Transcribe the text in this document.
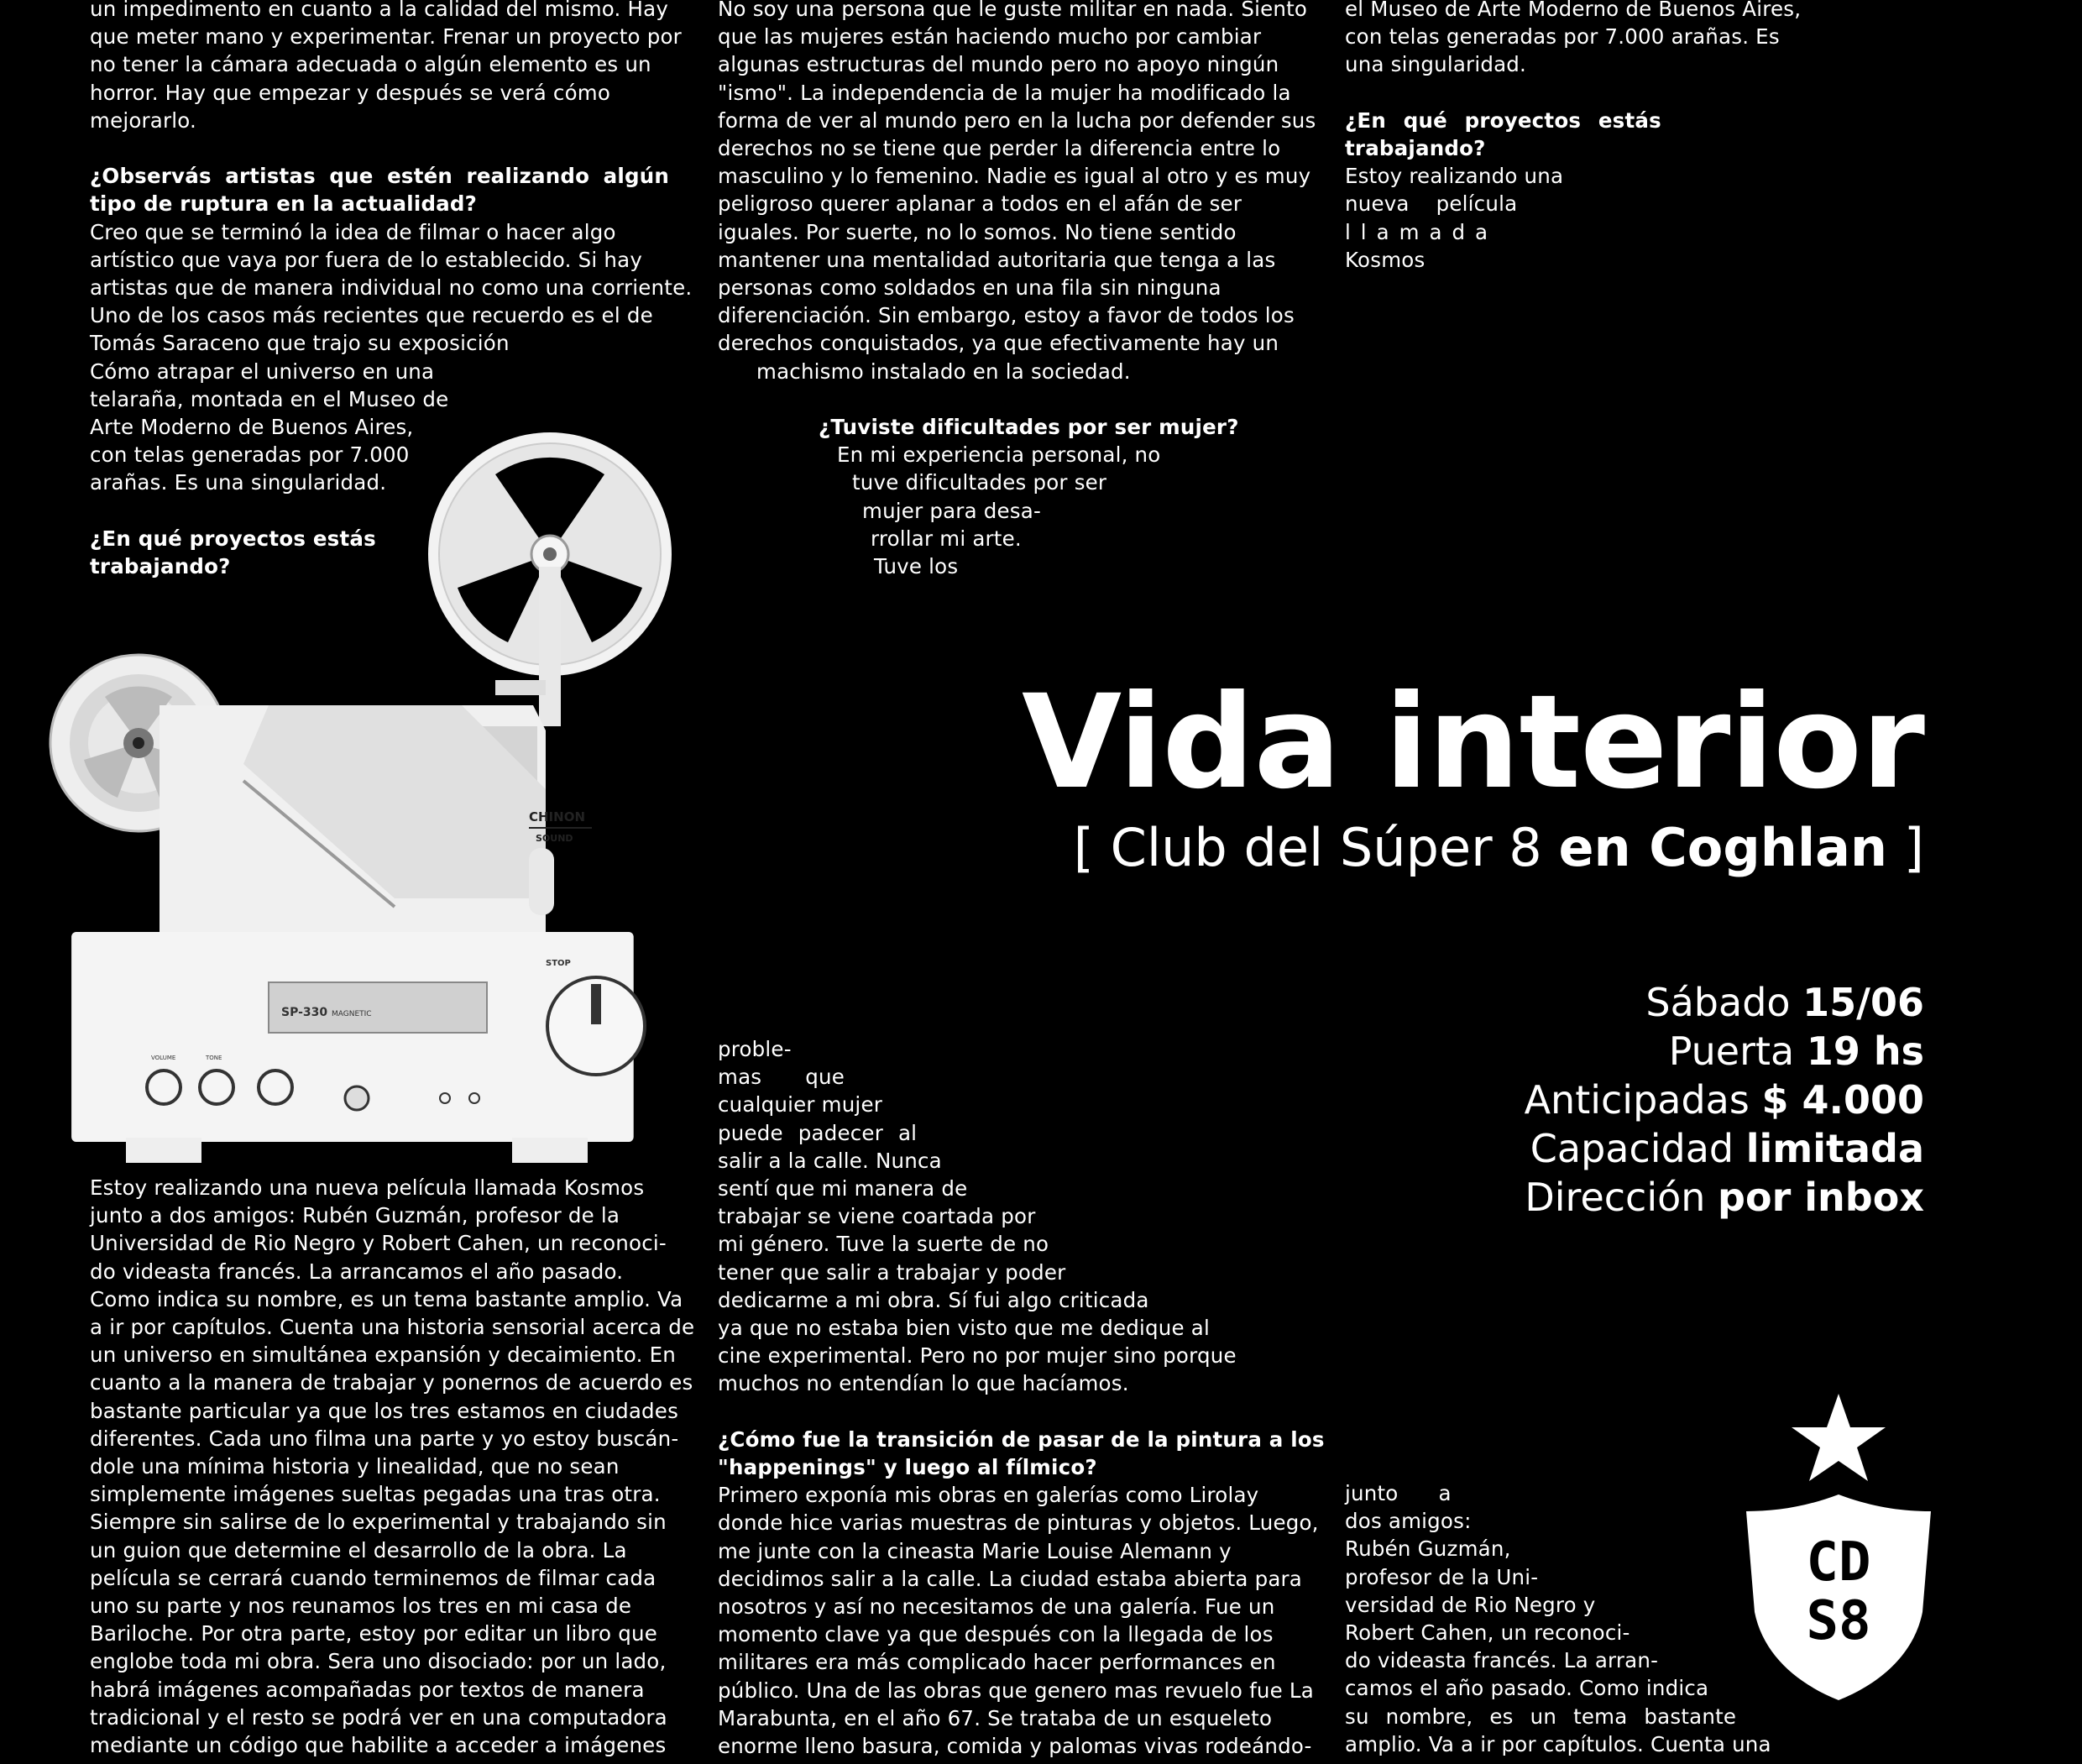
un impedimento en cuanto a la calidad del mismo. Hay
que meter mano y experimentar. Frenar un proyecto por
no tener la cámara adecuada o algún elemento es un
horror. Hay que empezar y después se verá cómo
mejorarlo.

¿Observás artistas que estén realizando algún tipo de ruptura en la actualidad?

Creo que se terminó la idea de filmar o hacer algo
artístico que vaya por fuera de lo establecido. Si hay
artistas que de manera individual no como una corriente.
Uno de los casos más recientes que recuerdo es el de
Tomás Saraceno que trajo su exposición
Cómo atrapar el universo en una
telaraña, montada en el Museo de
Arte Moderno de Buenos Aires,
con telas generadas por 7.000
arañas. Es una singularidad.
¿En qué proyectos estás
trabajando?
No soy una persona que le guste militar en nada. Siento
que las mujeres están haciendo mucho por cambiar
algunas estructuras del mundo pero no apoyo ningún
"ismo". La independencia de la mujer ha modificado la
forma de ver al mundo pero en la lucha por defender sus
derechos no se tiene que perder la diferencia entre lo
masculino y lo femenino. Nadie es igual al otro y es muy
peligroso querer aplanar a todos en el afán de ser
iguales. Por suerte, no lo somos. No tiene sentido
mantener una mentalidad autoritaria que tenga a las
personas como soldados en una fila sin ninguna
diferenciación. Sin embargo, estoy a favor de todos los
derechos conquistados, ya que efectivamente hay un
machismo instalado en la sociedad.
¿Tuviste dificultades por ser mujer?
En mi experiencia personal, no
tuve dificultades por ser
mujer para desa-
rrollar mi arte.
Tuve los
el Museo de Arte Moderno de Buenos Aires,
con telas generadas por 7.000 arañas. Es
una singularidad.
¿En qué proyectos estás
trabajando?
Estoy realizando una
nueva película
llamada
Kosmos
SP-330 MAGNETIC
STOP
VOLUME	TONE
CHINON
SOUND
Vida interior
[ Club del Súper 8 en Coghlan ]
Sábado 15/06
Puerta 19 hs
Anticipadas $ 4.000
Capacidad limitada
Dirección por inbox
Estoy realizando una nueva película llamada Kosmos
junto a dos amigos: Rubén Guzmán, profesor de la
Universidad de Rio Negro y Robert Cahen, un reconoci-
do videasta francés. La arrancamos el año pasado.
Como indica su nombre, es un tema bastante amplio. Va
a ir por capítulos. Cuenta una historia sensorial acerca de
un universo en simultánea expansión y decaimiento. En
cuanto a la manera de trabajar y ponernos de acuerdo es
bastante particular ya que los tres estamos en ciudades
diferentes. Cada uno filma una parte y yo estoy buscán-
dole una mínima historia y linealidad, que no sean
simplemente imágenes sueltas pegadas una tras otra.
Siempre sin salirse de lo experimental y trabajando sin
un guion que determine el desarrollo de la obra. La
película se cerrará cuando terminemos de filmar cada
uno su parte y nos reunamos los tres en mi casa de
Bariloche. Por otra parte, estoy por editar un libro que
englobe toda mi obra. Sera uno disociado: por un lado,
habrá imágenes acompañadas por textos de manera
tradicional y el resto se podrá ver en una computadora
mediante un código que habilite a acceder a imágenes
proble-
mas que
cualquier mujer
puede padecer al
salir a la calle. Nunca
sentí que mi manera de
trabajar se viene coartada por
mi género. Tuve la suerte de no
tener que salir a trabajar y poder
dedicarme a mi obra. Sí fui algo criticada
ya que no estaba bien visto que me dedique al
cine experimental. Pero no por mujer sino porque
muchos no entendían lo que hacíamos.
¿Cómo fue la transición de pasar de la pintura a los
"happenings" y luego al fílmico?
Primero exponía mis obras en galerías como Lirolay
donde hice varias muestras de pinturas y objetos. Luego,
me junte con la cineasta Marie Louise Alemann y
decidimos salir a la calle. La ciudad estaba abierta para
nosotros y así no necesitamos de una galería. Fue un
momento clave ya que después con la llegada de los
militares era más complicado hacer performances en
público. Una de las obras que genero mas revuelo fue La
Marabunta, en el año 67. Se trataba de un esqueleto
enorme lleno basura, comida y palomas vivas rodeándo-
junto a
dos amigos:
Rubén Guzmán,
profesor de la Uni-
versidad de Rio Negro y
Robert Cahen, un reconoci-
do videasta francés. La arran-
camos el año pasado. Como indica
su nombre, es un tema bastante
amplio. Va a ir por capítulos. Cuenta una
CD
S8
